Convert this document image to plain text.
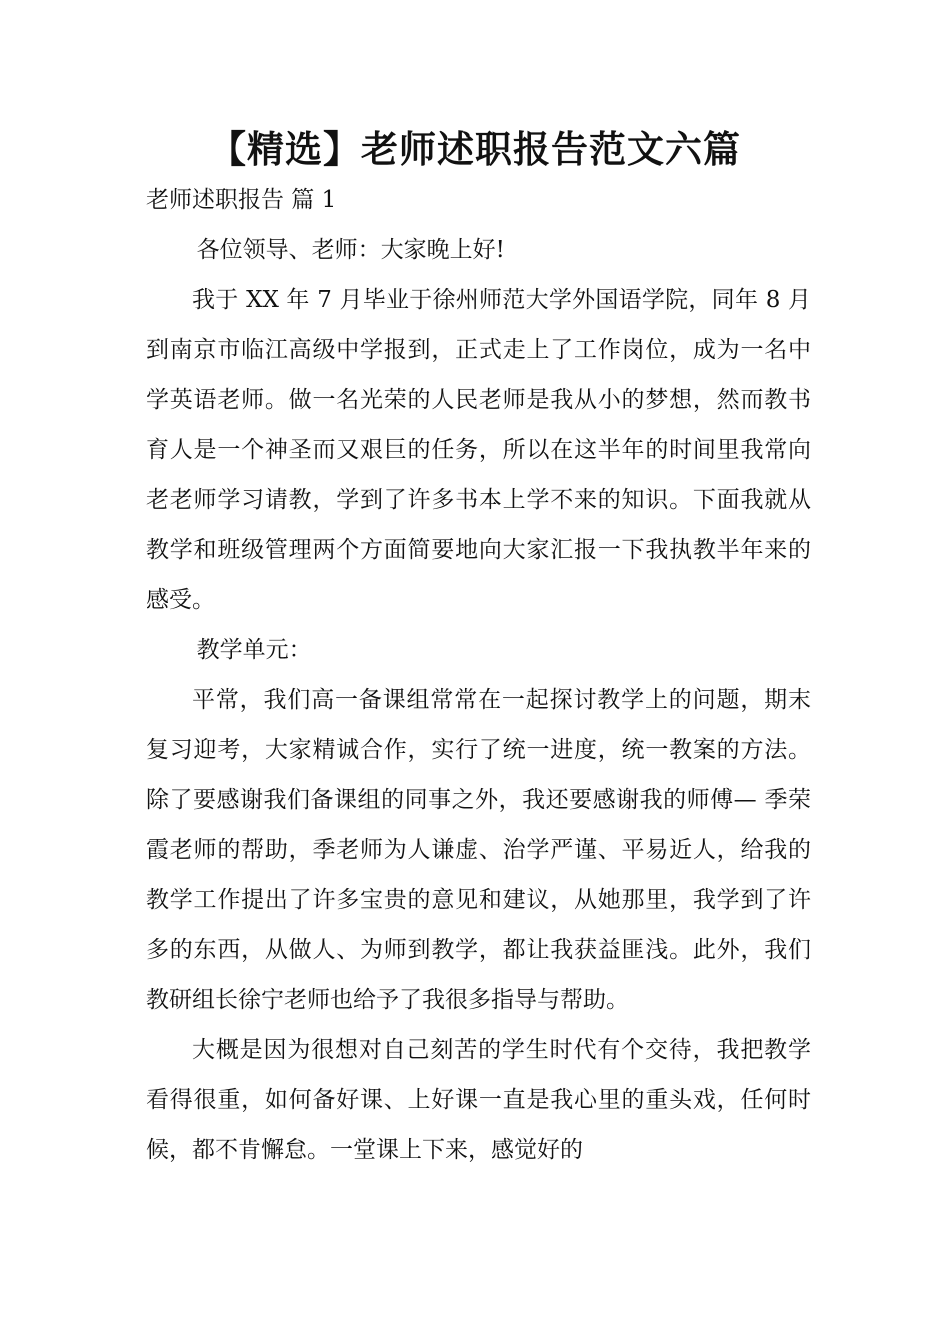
【精选】老师述职报告范文六篇
老师述职报告 篇 1

各位领导、老师：大家晚上好!

我于 XX 年 7 月毕业于徐州师范大学外国语学院，同年 8 月到南京市临江高级中学报到，正式走上了工作岗位，成为一名中学英语老师。做一名光荣的人民老师是我从小的梦想，然而教书育人是一个神圣而又艰巨的任务，所以在这半年的时间里我常向老老师学习请教，学到了许多书本上学不来的知识。下面我就从教学和班级管理两个方面简要地向大家汇报一下我执教半年来的感受。

教学单元：

平常，我们高一备课组常常在一起探讨教学上的问题，期末复习迎考，大家精诚合作，实行了统一进度，统一教案的方法。除了要感谢我们备课组的同事之外，我还要感谢我的师傅— 季荣霞老师的帮助，季老师为人谦虚、治学严谨、平易近人，给我的教学工作提出了许多宝贵的意见和建议，从她那里，我学到了许多的东西，从做人、为师到教学，都让我获益匪浅。此外，我们教研组长徐宁老师也给予了我很多指导与帮助。

大概是因为很想对自己刻苦的学生时代有个交待，我把教学看得很重，如何备好课、上好课一直是我心里的重头戏，任何时候，都不肯懈怠。一堂课上下来，感觉好的
